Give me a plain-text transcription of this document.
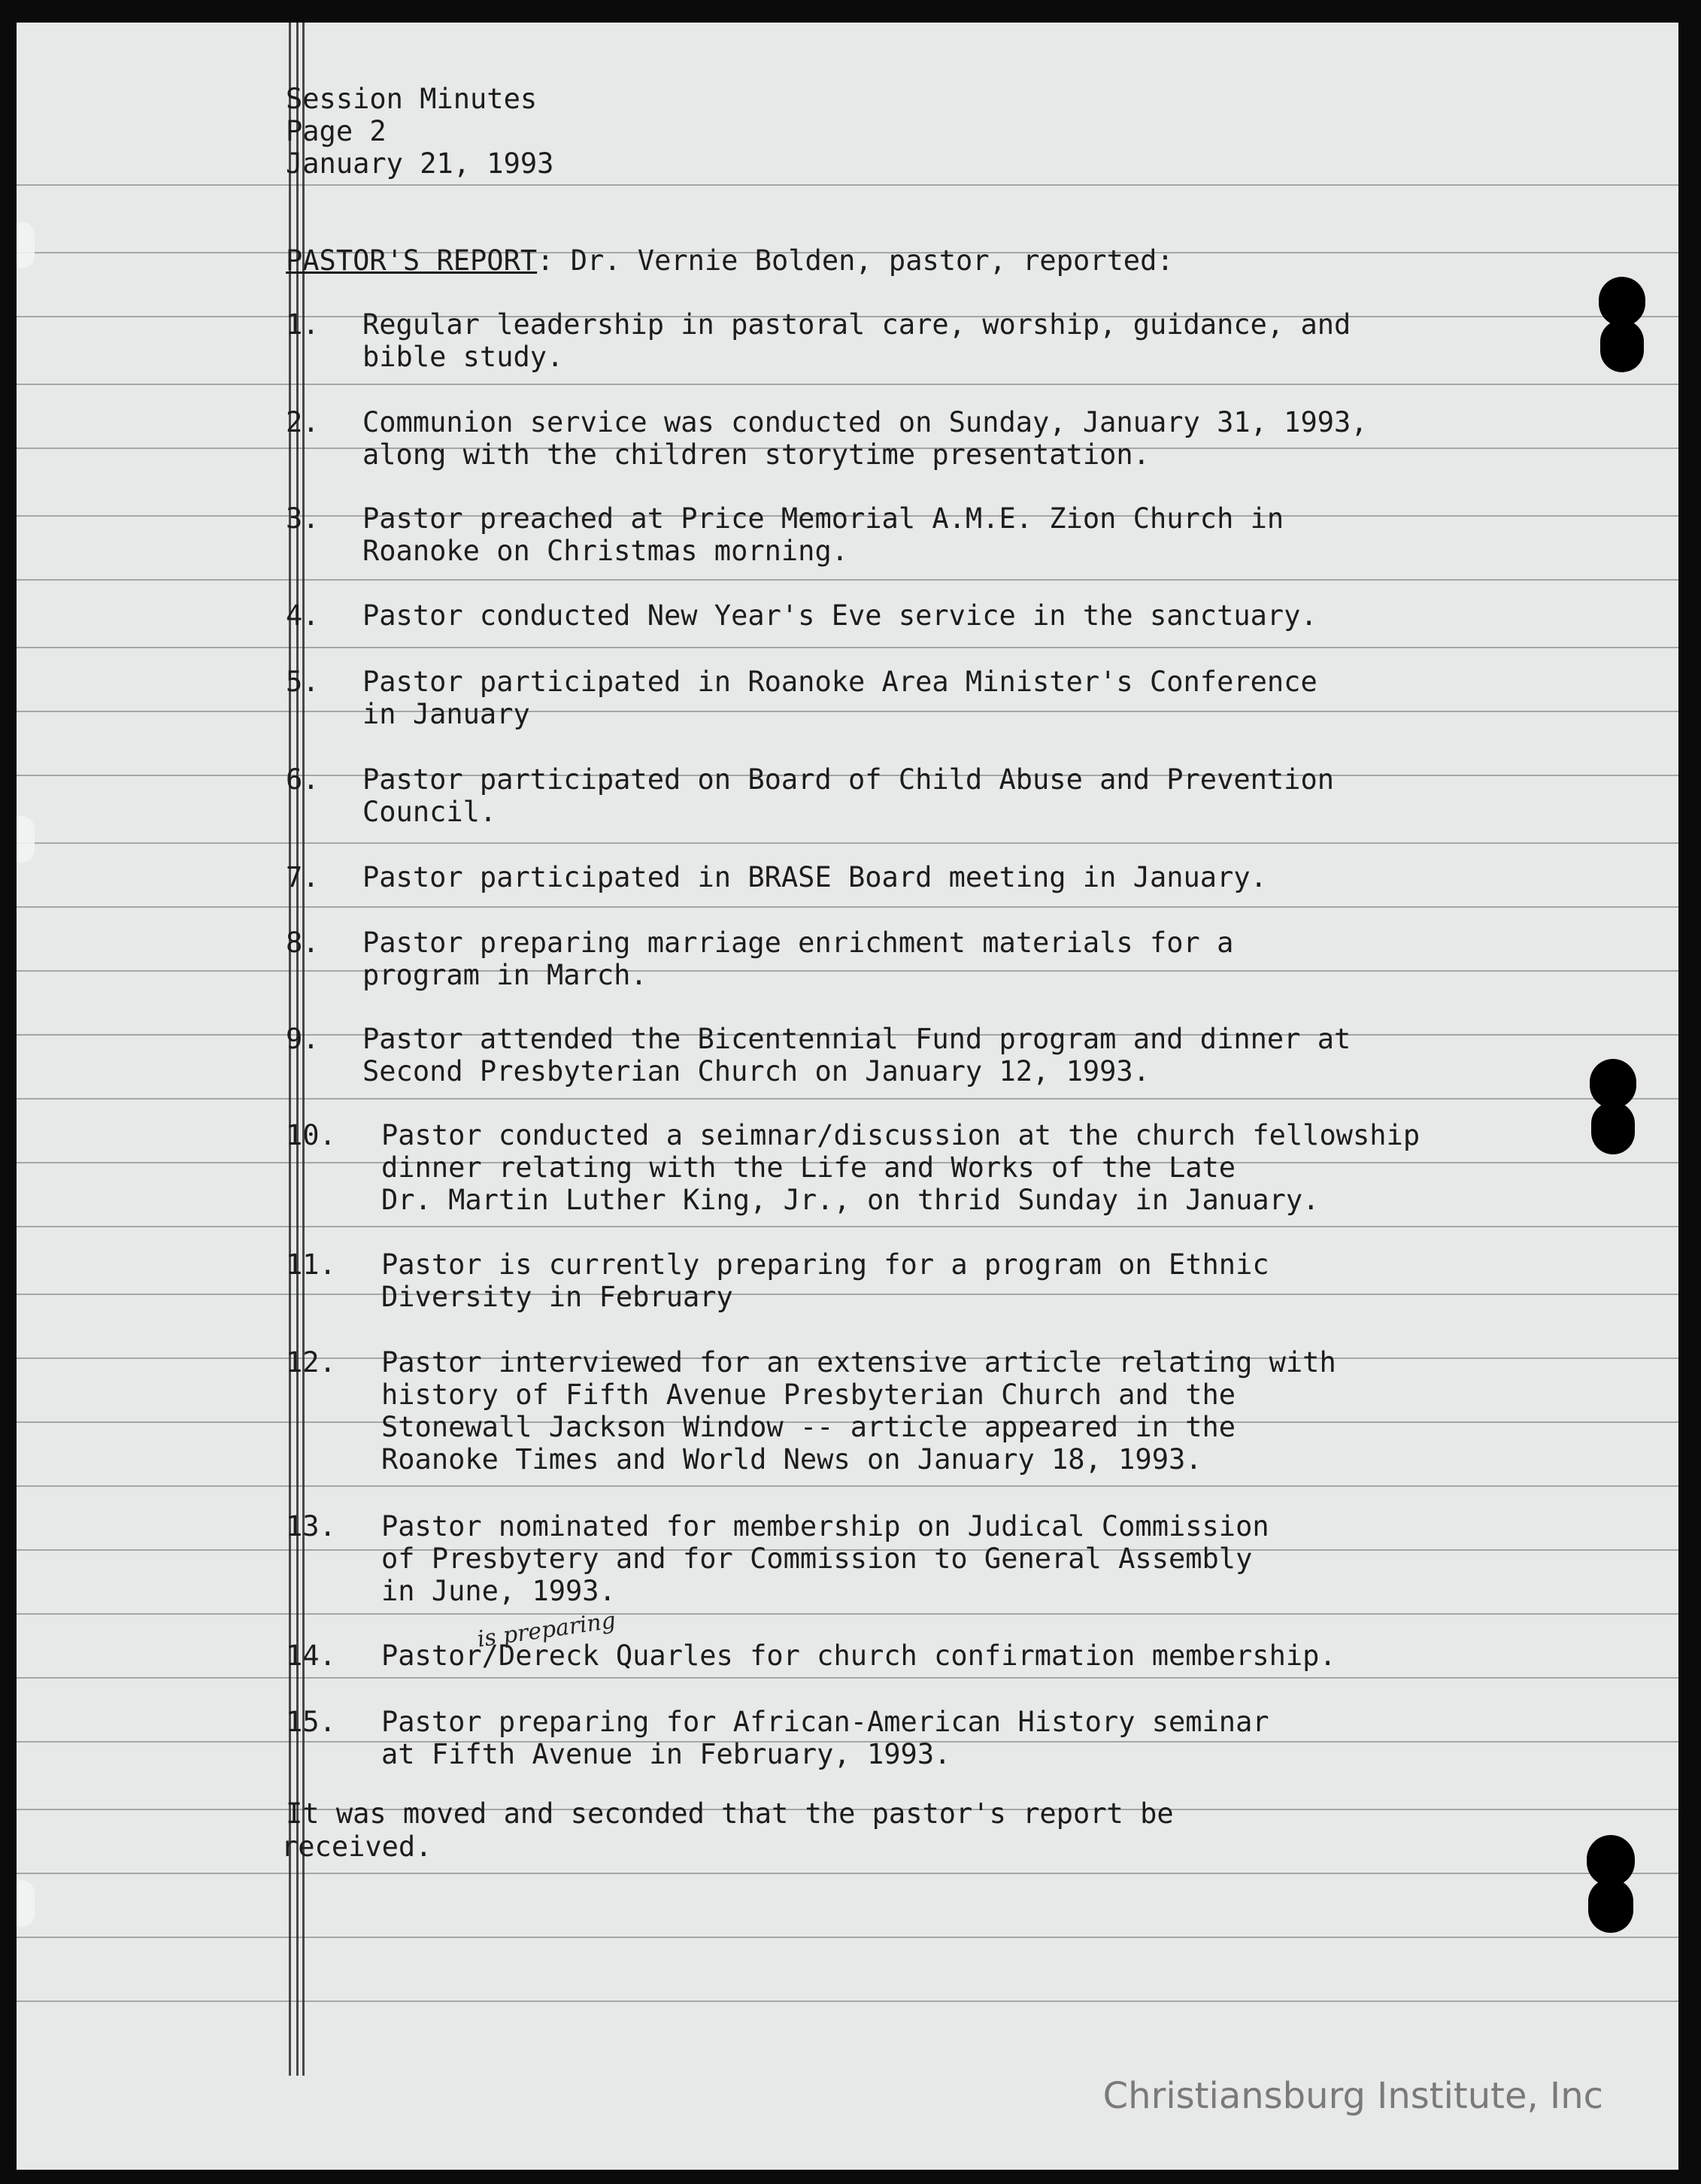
Session Minutes
Page 2
January 21, 1993
PASTOR'S REPORT: Dr. Vernie Bolden, pastor, reported:
1. Regular leadership in pastoral care, worship, guidance, and
bible study.
2. Communion service was conducted on Sunday, January 31, 1993,
along with the children storytime presentation.
3. Pastor preached at Price Memorial A.M.E. Zion Church in
Roanoke on Christmas morning.
4. Pastor conducted New Year's Eve service in the sanctuary.
5. Pastor participated in Roanoke Area Minister's Conference
in January
6. Pastor participated on Board of Child Abuse and Prevention
Council.
7. Pastor participated in BRASE Board meeting in January.
8. Pastor preparing marriage enrichment materials for a
program in March.
9. Pastor attended the Bicentennial Fund program and dinner at
Second Presbyterian Church on January 12, 1993.
10. Pastor conducted a seimnar/discussion at the church fellowship
dinner relating with the Life and Works of the Late
Dr. Martin Luther King, Jr., on thrid Sunday in January.
11. Pastor is currently preparing for a program on Ethnic
Diversity in February
12. Pastor interviewed for an extensive article relating with
history of Fifth Avenue Presbyterian Church and the
Stonewall Jackson Window -- article appeared in the
Roanoke Times and World News on January 18, 1993.
13. Pastor nominated for membership on Judical Commission
of Presbytery and for Commission to General Assembly
in June, 1993.
14. Pastor/Dereck Quarles for church confirmation membership.
15. Pastor preparing for African-American History seminar
at Fifth Avenue in February, 1993.
is preparing
It was moved and seconded that the pastor's report be
received.
Christiansburg Institute, Inc
